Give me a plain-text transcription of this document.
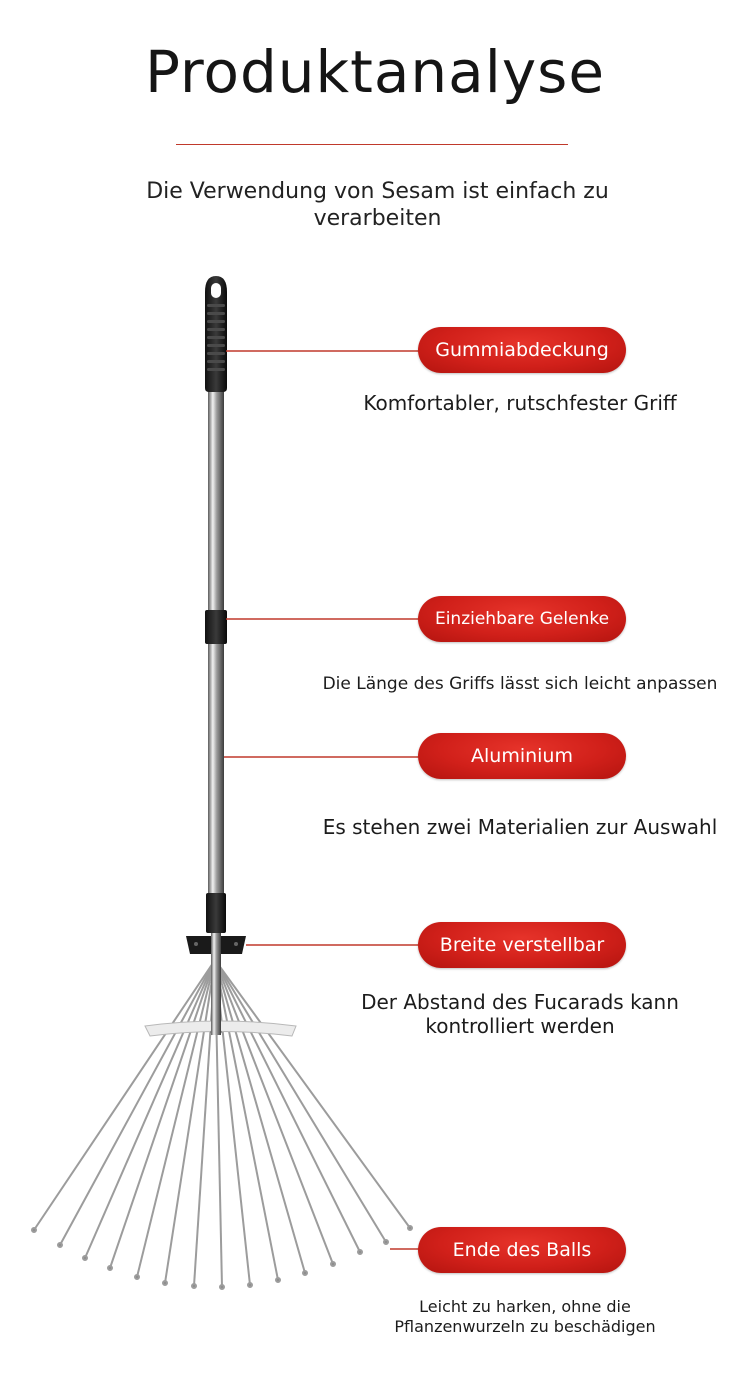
Produktanalyse
Die Verwendung von Sesam ist einfach zu verarbeiten
Gummiabdeckung
Komfortabler, rutschfester Griff
Einziehbare Gelenke
Die Länge des Griffs lässt sich leicht anpassen
Aluminium
Es stehen zwei Materialien zur Auswahl
Breite verstellbar
Der Abstand des Fucarads kann kontrolliert werden
Ende des Balls
Leicht zu harken, ohne die Pflanzenwurzeln zu beschädigen
